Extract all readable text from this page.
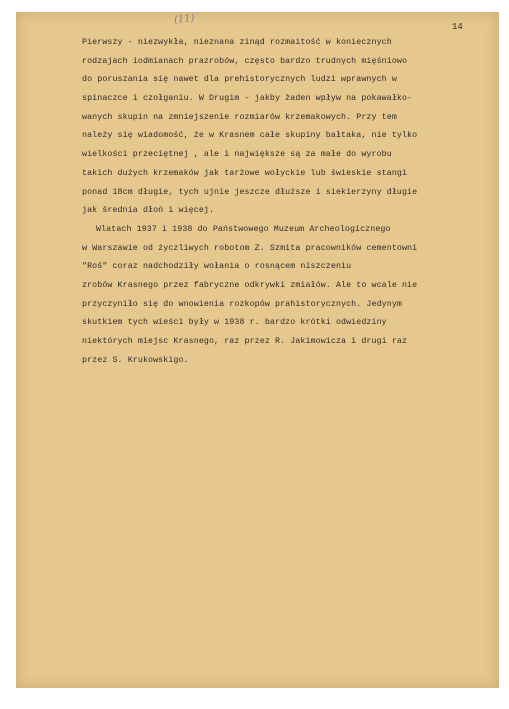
14

(11)

Pierwszy - niezwykła, nieznana zinąd rozmaitość w koniecznych

rodzajach iodmianach prazrobów, często bardzo trudnych mięśniowo

do poruszania się nawet dla prehistorycznych ludzi wprawnych w

spinaczce i czołganiu. W Drugim - jakby żaden wpływ na pokawałko-

wanych skupin na zmniejszenie rozmiarów krzemakowych. Przy tem

należy się wiadomość, że w Krasnem całe skupiny bałtaka, nie tylko

wielkości przeciętnej , ale i największe są za małe do wyrobu

takich dużych krzemaków jak tarżowe wołyckie lub świeskie stangi

ponad 18cm długie, tych ujnie jeszcze dłuższe i siekierzyny długie

jak średnia dłoń i więcej.

Wlatach 1937 i 1938 do Państwowego Muzeum Archeologicznego

w Warszawie od życzliwych robotom Z. Szmita pracowników cementowni

"Roś" coraz nadchodziły wołania o rosnącem niszczeniu

zrobów Krasnego przez fabryczne odkrywki zmiałów. Ale to wcale nie

przyczyniło się do wnowienia rozkopów prahistorycznych. Jedynym

skutkiem tych wieści były w 1938 r. bardzo krótki odwiedziny

niektórych miejsc Krasnego, raz przez R. Jakimowicza i drugi raz

przez S. Krukowskigo.
